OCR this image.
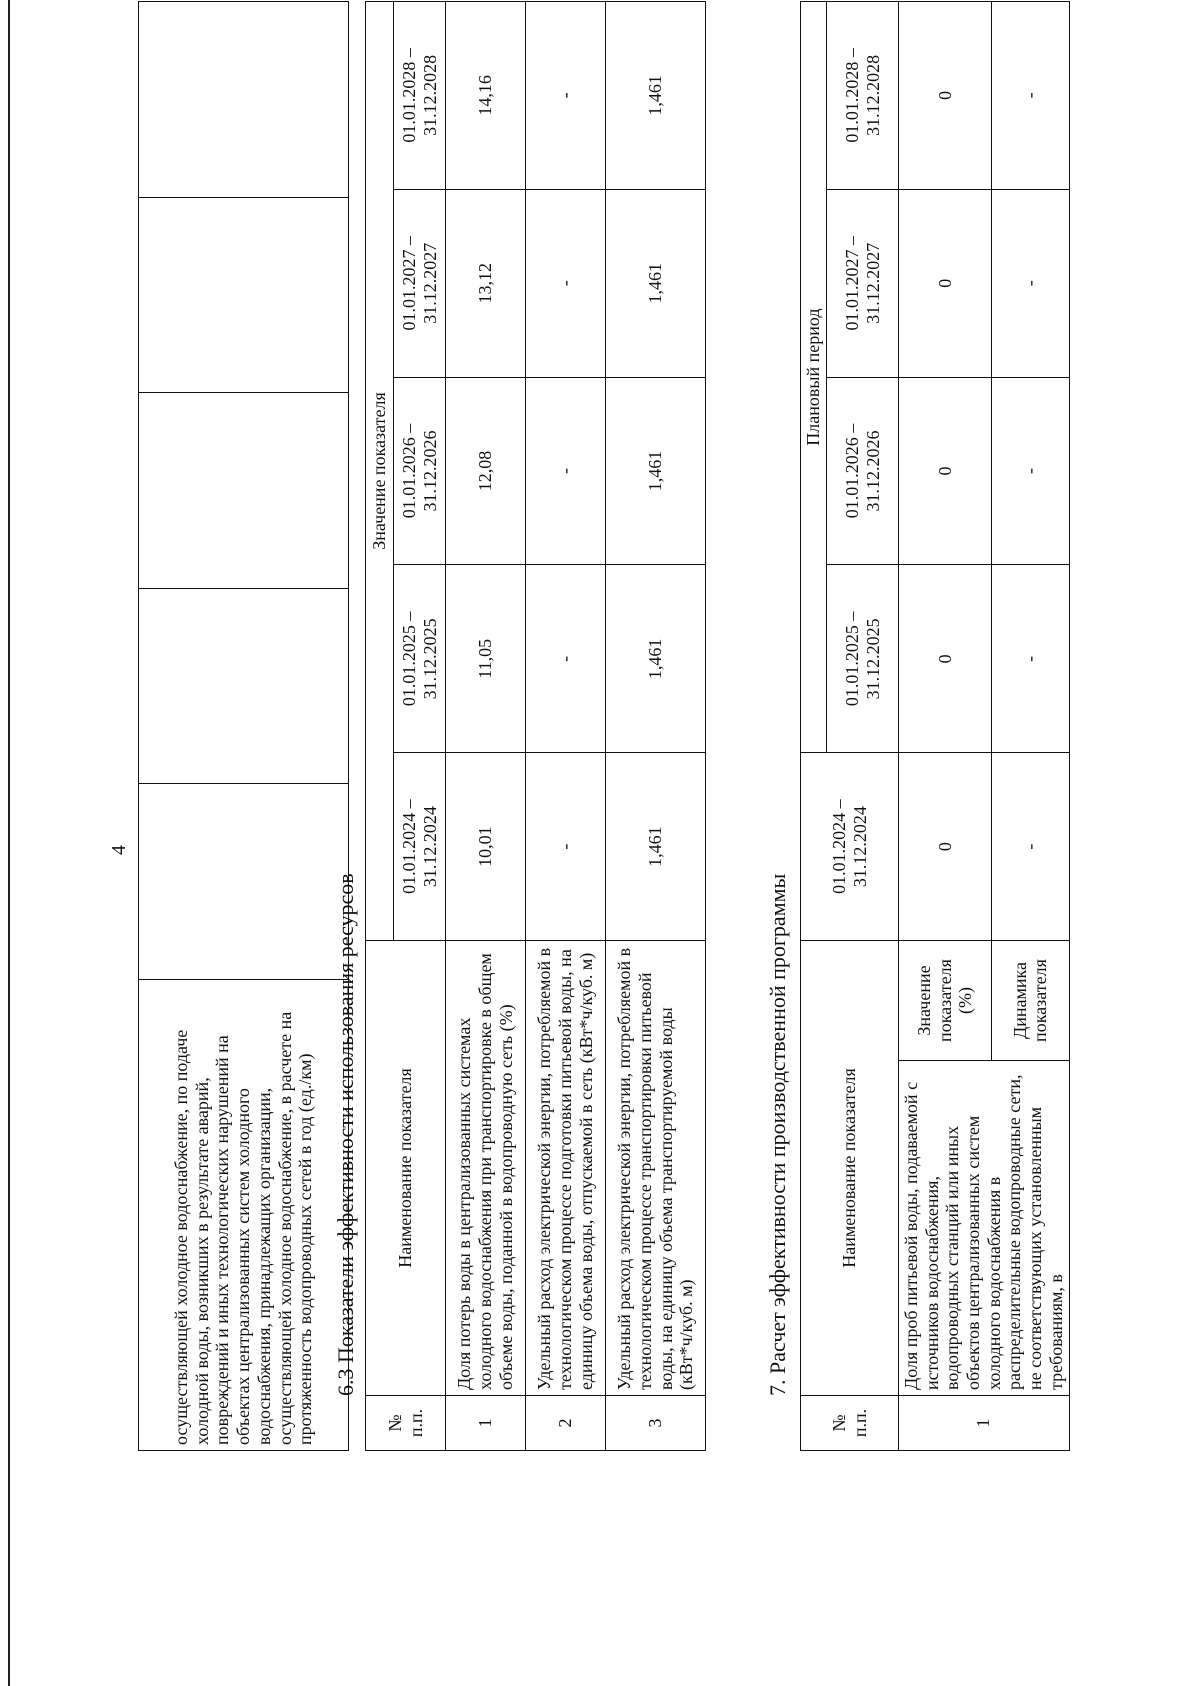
4
осуществляющей холодное водоснабжение, по подаче холодной воды, возникших в результате аварий, повреждений и иных технологических нарушений на объектах централизованных систем холодного водоснабжения, принадлежащих организации, осуществляющей холодное водоснабжение, в расчете на протяженность водопроводных сетей в год (ед./км)					6.3 Показатели эффективности использования ресурсов
№ п.п.	Наименование показателя	Значение показателя				
		01.01.2024 – 31.12.2024	01.01.2025 – 31.12.2025	01.01.2026 – 31.12.2026	01.01.2027 – 31.12.2027	01.01.2028 – 31.12.2028
1	Доля потерь воды в централизованных системах холодного водоснабжения при транспортировке в общем объеме воды, поданной в водопроводную сеть (%)	10,01	11,05	12,08	13,12	14,16
2	Удельный расход электрической энергии, потребляемой в технологическом процессе подготовки питьевой воды, на единицу объема воды, отпускаемой в сеть (кВт*ч/куб. м)	-	-	-	-	-
3	Удельный расход электрической энергии, потребляемой в технологическом процессе транспортировки питьевой воды, на единицу объема транспортируемой воды (кВт*ч/куб. м)	1,461	1,461	1,461	1,461	1,461
7. Расчет эффективности производственной программы
№ п.п.	Наименование показателя		01.01.2024 – 31.12.2024	Плановый период			

				01.01.2025 – 31.12.2025	01.01.2026 – 31.12.2026	01.01.2027 – 31.12.2027	01.01.2028 – 31.12.2028
1	Доля проб питьевой воды, подаваемой с источников водоснабжения, водопроводных станций или иных объектов централизованных систем холодного водоснабжения в распределительные водопроводные сети, не соответствующих установленным требованиям, в	Значение показателя (%)	0	0	0	0	0
		Динамика показателя	-	-	-	-	-
